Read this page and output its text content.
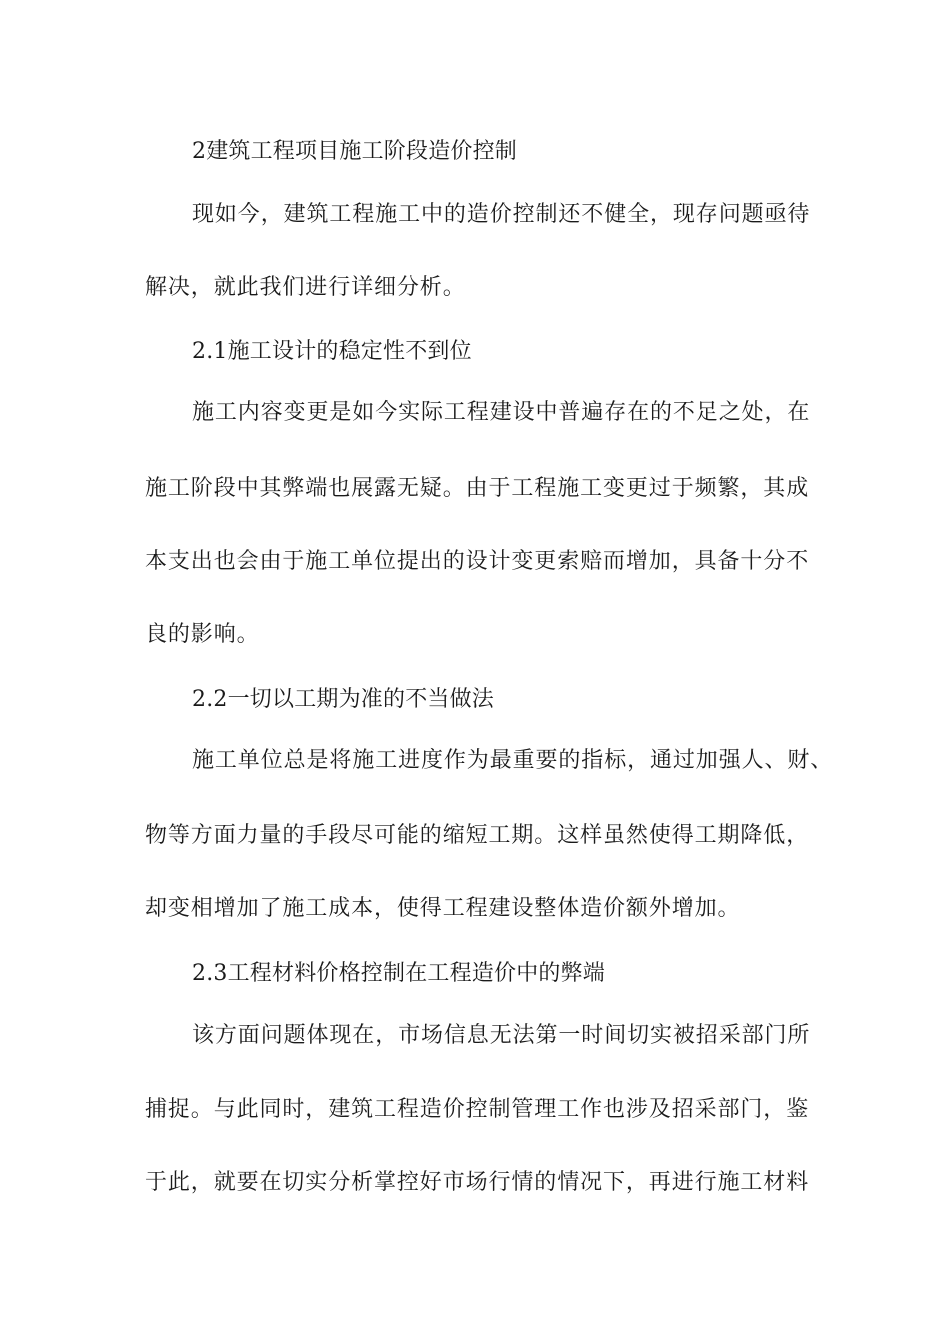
2建筑工程项目施工阶段造价控制
现如今，建筑工程施工中的造价控制还不健全，现存问题亟待
解决，就此我们进行详细分析。
2.1施工设计的稳定性不到位
施工内容变更是如今实际工程建设中普遍存在的不足之处，在
施工阶段中其弊端也展露无疑。由于工程施工变更过于频繁，其成
本支出也会由于施工单位提出的设计变更索赔而增加，具备十分不
良的影响。
2.2一切以工期为准的不当做法
施工单位总是将施工进度作为最重要的指标，通过加强人、财、
物等方面力量的手段尽可能的缩短工期。这样虽然使得工期降低，
却变相增加了施工成本，使得工程建设整体造价额外增加。
2.3工程材料价格控制在工程造价中的弊端
该方面问题体现在，市场信息无法第一时间切实被招采部门所
捕捉。与此同时，建筑工程造价控制管理工作也涉及招采部门，鉴
于此，就要在切实分析掌控好市场行情的情况下，再进行施工材料
